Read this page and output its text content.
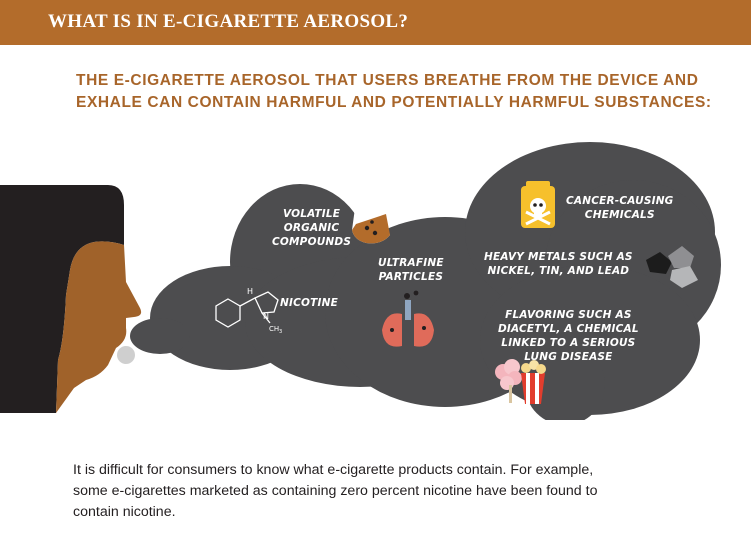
WHAT IS IN E-CIGARETTE AEROSOL?

THE E-CIGARETTE AEROSOL THAT USERS BREATHE FROM THE DEVICE AND
EXHALE CAN CONTAIN HARMFUL AND POTENTIALLY HARMFUL SUBSTANCES:

H
N
CH 3
VOLATILE
ORGANIC
COMPOUNDS
ULTRAFINE
PARTICLES
NICOTINE
CANCER-CAUSING
CHEMICALS
HEAVY METALS SUCH AS
NICKEL, TIN, AND LEAD
FLAVORING SUCH AS
DIACETYL, A CHEMICAL
LINKED TO A SERIOUS
LUNG DISEASE

It is difficult for consumers to know what e-cigarette products contain. For example,
some e-cigarettes marketed as containing zero percent nicotine have been found to
contain nicotine.
